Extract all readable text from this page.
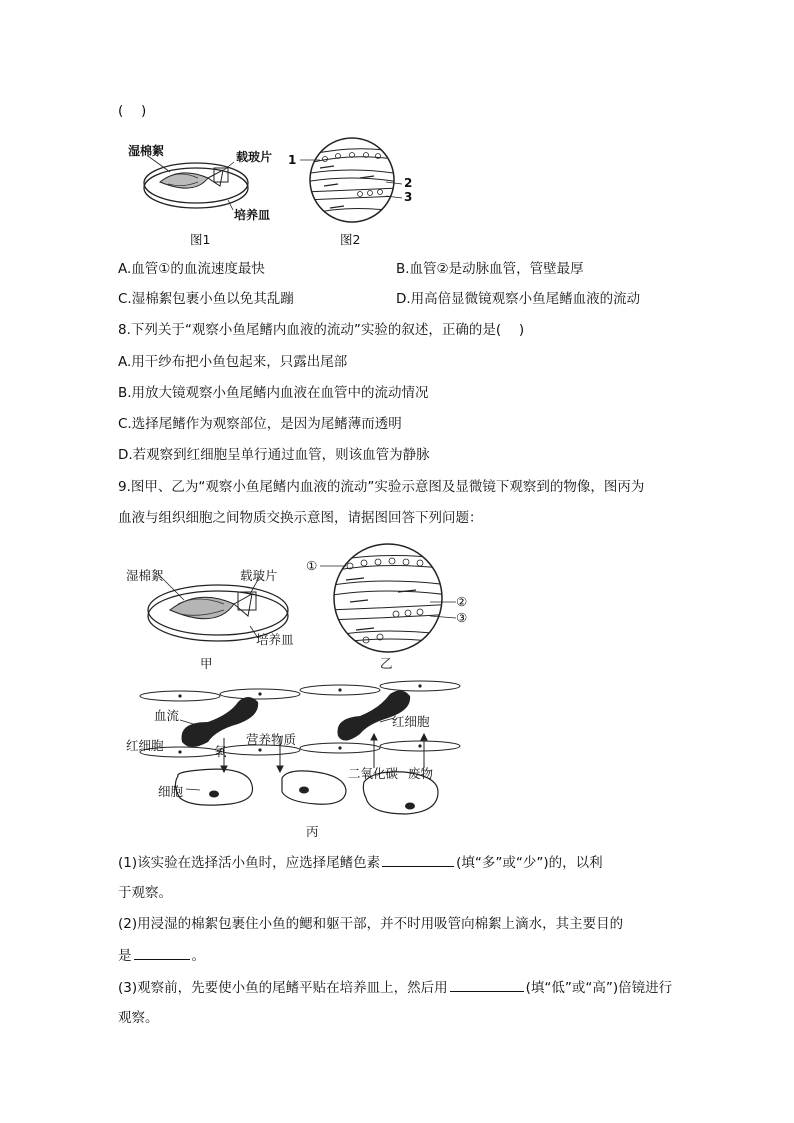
(　 )
湿棉絮	载玻片
培养皿
图1
1
2
3
图2
A.血管①的血流速度最快	B.血管②是动脉血管，管壁最厚
C.湿棉絮包裹小鱼以免其乱蹦	D.用高倍显微镜观察小鱼尾鳍血液的流动
8.下列关于“观察小鱼尾鳍内血液的流动”实验的叙述，正确的是(　 )
A.用干纱布把小鱼包起来，只露出尾部
B.用放大镜观察小鱼尾鳍内血液在血管中的流动情况
C.选择尾鳍作为观察部位，是因为尾鳍薄而透明
D.若观察到红细胞呈单行通过血管，则该血管为静脉
9.图甲、乙为“观察小鱼尾鳍内血液的流动”实验示意图及显微镜下观察到的物像，图丙为
血液与组织细胞之间物质交换示意图，请据图回答下列问题：
湿棉絮	载玻片
培养皿
甲
①
②
③
乙
血流
红细胞
红细胞
氧
营养物质
二氧化碳 废物
细胞
丙
(1)该实验在选择活小鱼时，应选择尾鳍色素	(填“多”或“少”)的，以利
于观察。
(2)用浸湿的棉絮包裹住小鱼的鳃和躯干部，并不时用吸管向棉絮上滴水，其主要目的
是	。
(3)观察前，先要使小鱼的尾鳍平贴在培养皿上，然后用	(填“低”或“高”)倍镜进行
观察。
